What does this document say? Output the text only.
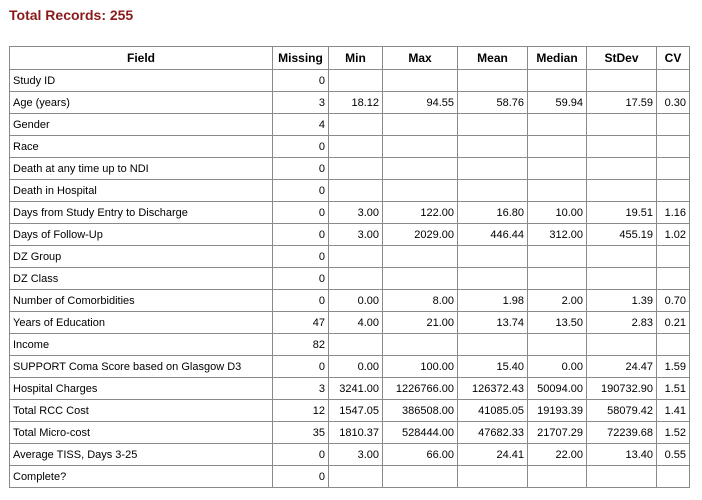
Total Records: 255
Field	Missing	Min	Max	Mean	Median	StDev	CV
Study ID	0						
Age (years)	3	18.12	94.55	58.76	59.94	17.59	0.30
Gender	4						
Race	0						
Death at any time up to NDI	0						
Death in Hospital	0						
Days from Study Entry to Discharge	0	3.00	122.00	16.80	10.00	19.51	1.16
Days of Follow-Up	0	3.00	2029.00	446.44	312.00	455.19	1.02
DZ Group	0						
DZ Class	0						
Number of Comorbidities	0	0.00	8.00	1.98	2.00	1.39	0.70
Years of Education	47	4.00	21.00	13.74	13.50	2.83	0.21
Income	82						
SUPPORT Coma Score based on Glasgow D3	0	0.00	100.00	15.40	0.00	24.47	1.59
Hospital Charges	3	3241.00	1226766.00	126372.43	50094.00	190732.90	1.51
Total RCC Cost	12	1547.05	386508.00	41085.05	19193.39	58079.42	1.41
Total Micro-cost	35	1810.37	528444.00	47682.33	21707.29	72239.68	1.52
Average TISS, Days 3-25	0	3.00	66.00	24.41	22.00	13.40	0.55
Complete?	0						
